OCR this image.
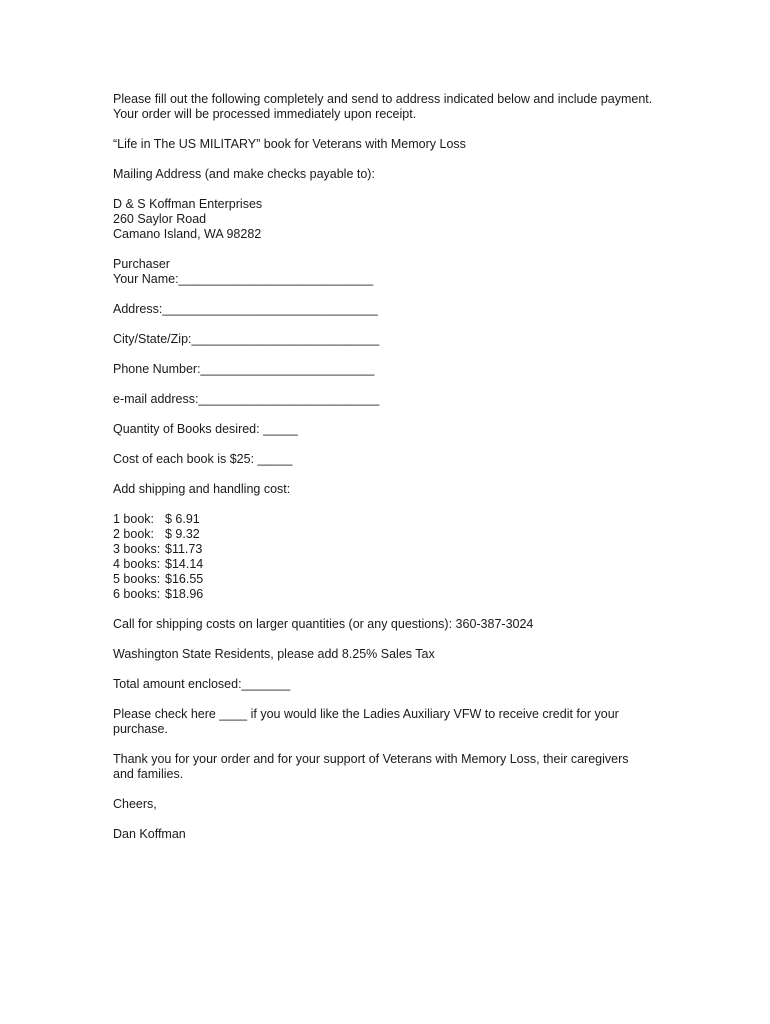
Please fill out the following completely and send to address indicated below and include payment.
Your order will be processed immediately upon receipt.
“Life in The US MILITARY” book for Veterans with Memory Loss
Mailing Address (and make checks payable to):
D & S Koffman Enterprises
260 Saylor Road
Camano Island, WA 98282
Purchaser
Your Name:____________________________
Address:_______________________________
City/State/Zip:___________________________
Phone Number:_________________________
e-mail address:__________________________
Quantity of Books desired: _____
Cost of each book is $25: _____
Add shipping and handling cost:
1 book: $ 6.91
2 book: $ 9.32
3 books: $11.73
4 books: $14.14
5 books: $16.55
6 books: $18.96
Call for shipping costs on larger quantities (or any questions): 360-387-3024
Washington State Residents, please add 8.25% Sales Tax
Total amount enclosed:_______
Please check here ____ if you would like the Ladies Auxiliary VFW to receive credit for your
purchase.
Thank you for your order and for your support of Veterans with Memory Loss, their caregivers
and families.
Cheers,
Dan Koffman
